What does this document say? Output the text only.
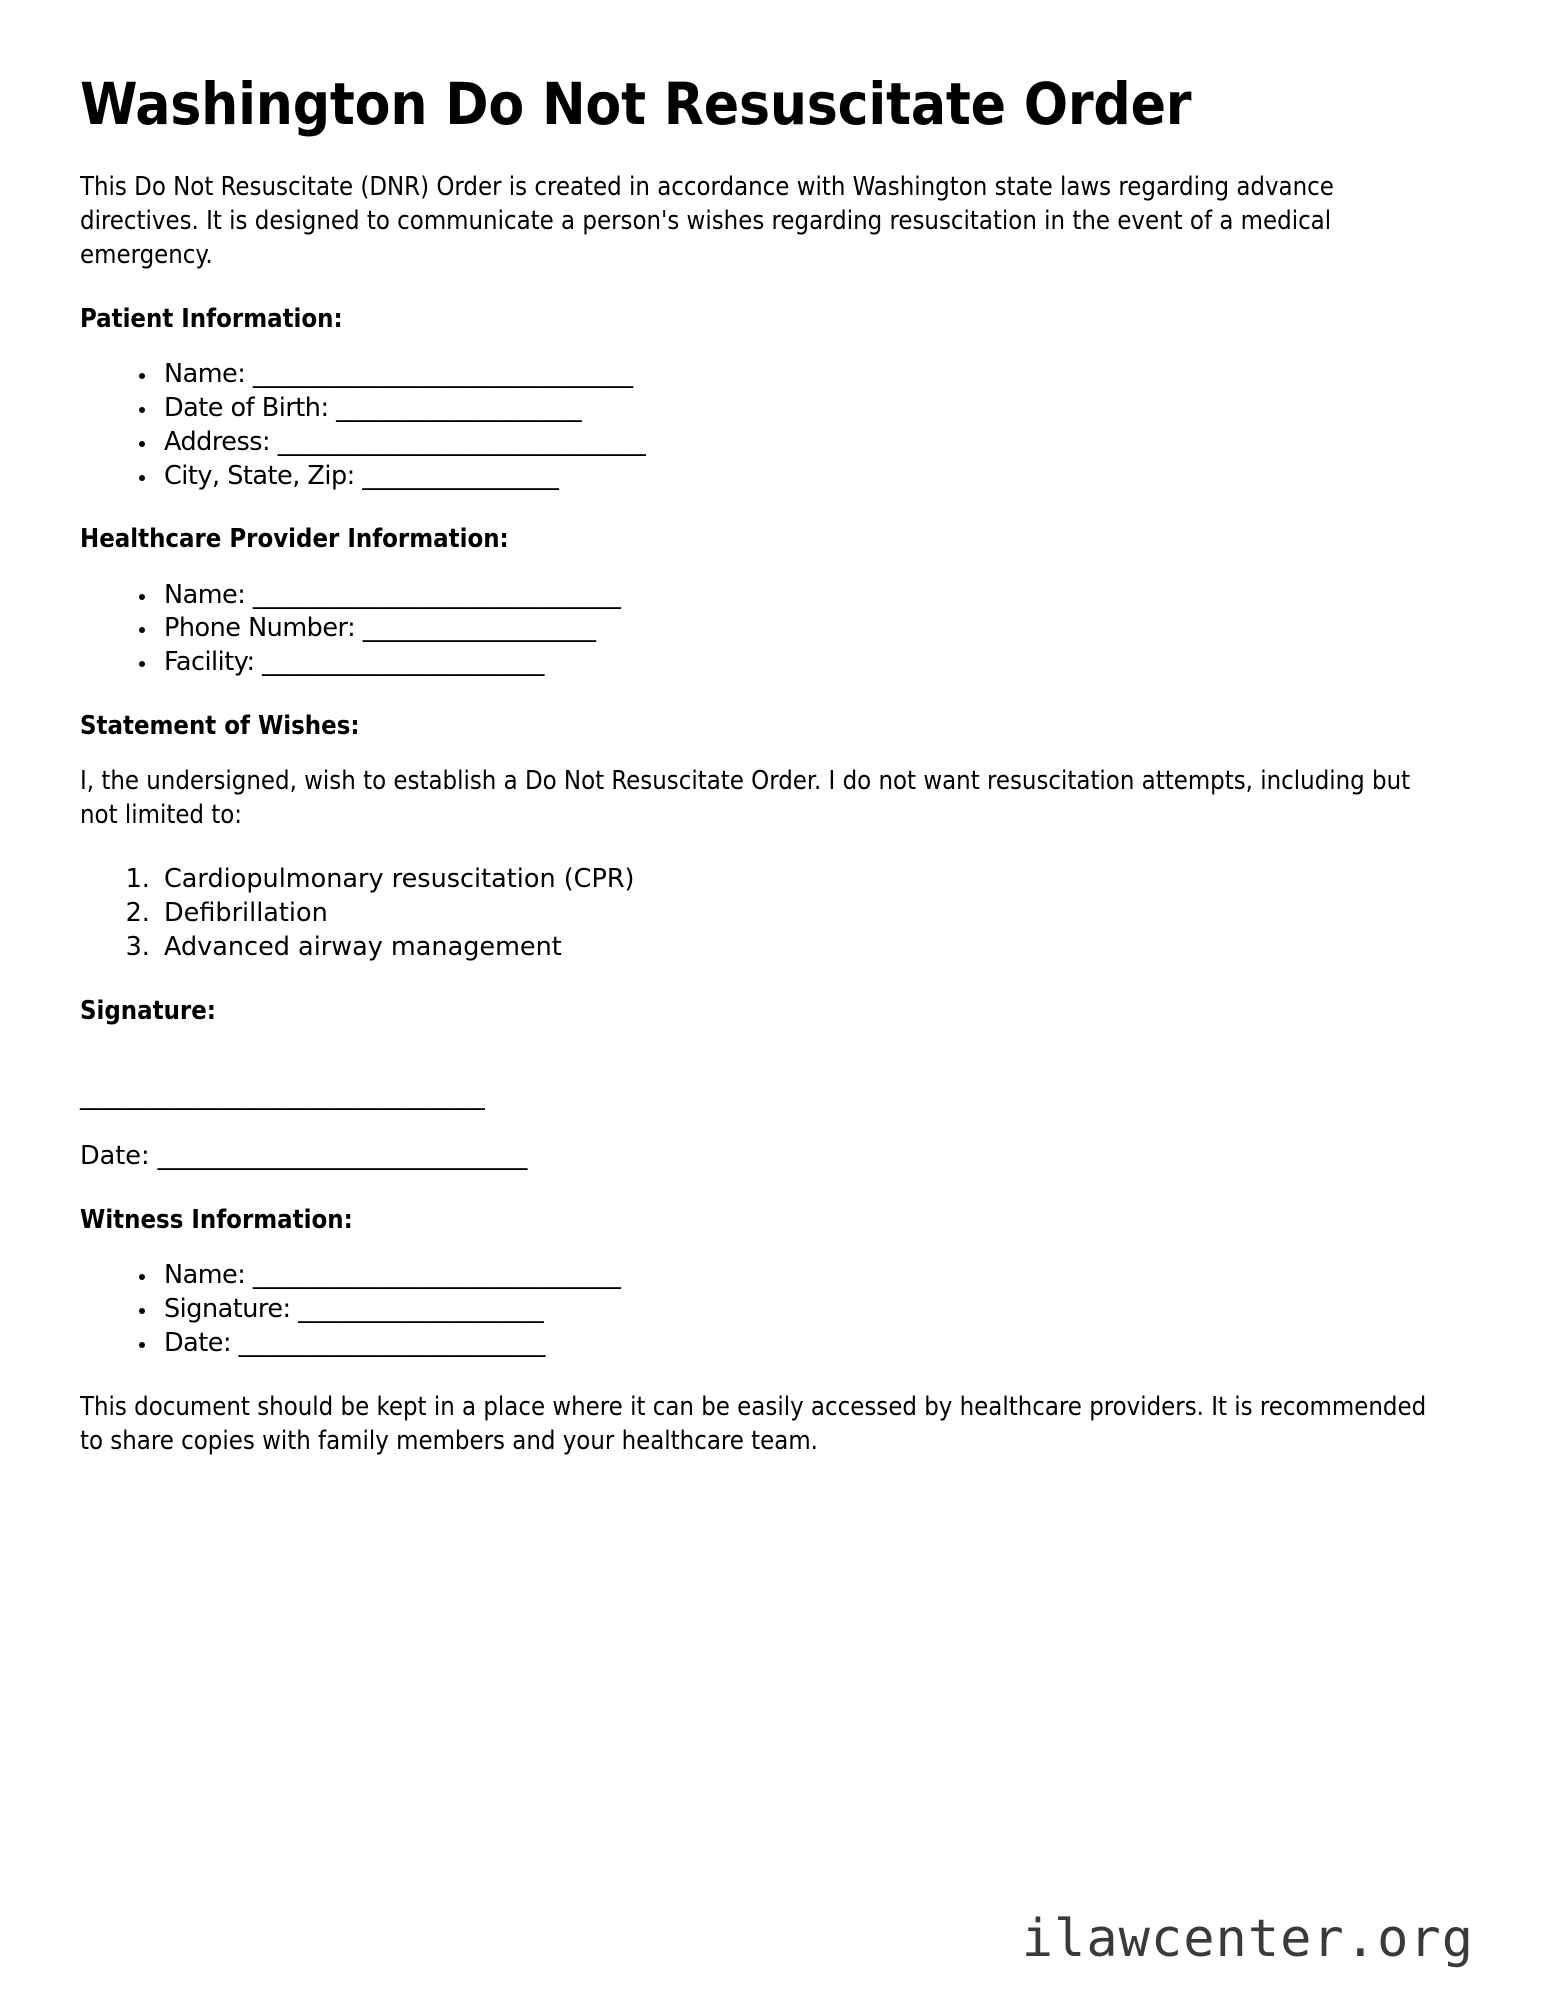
Washington Do Not Resuscitate Order

This Do Not Resuscitate (DNR) Order is created in accordance with Washington state laws regarding advance directives. It is designed to communicate a person's wishes regarding resuscitation in the event of a medical emergency.

Patient Information:
• Name: _______________________________
• Date of Birth: ____________________
• Address: ______________________________
• City, State, Zip: ________________
Healthcare Provider Information:
• Name: ______________________________
• Phone Number: ___________________
• Facility: _______________________
Statement of Wishes:

I, the undersigned, wish to establish a Do Not Resuscitate Order. I do not want resuscitation attempts, including but not limited to:

1. Cardiopulmonary resuscitation (CPR)
2. Defibrillation
3. Advanced airway management
Signature:

_________________________________

Date: _____________________________

Witness Information:
• Name: ______________________________
• Signature: ____________________
• Date: _________________________

This document should be kept in a place where it can be easily accessed by healthcare providers. It is recommended to share copies with family members and your healthcare team.

ilawcenter.org
